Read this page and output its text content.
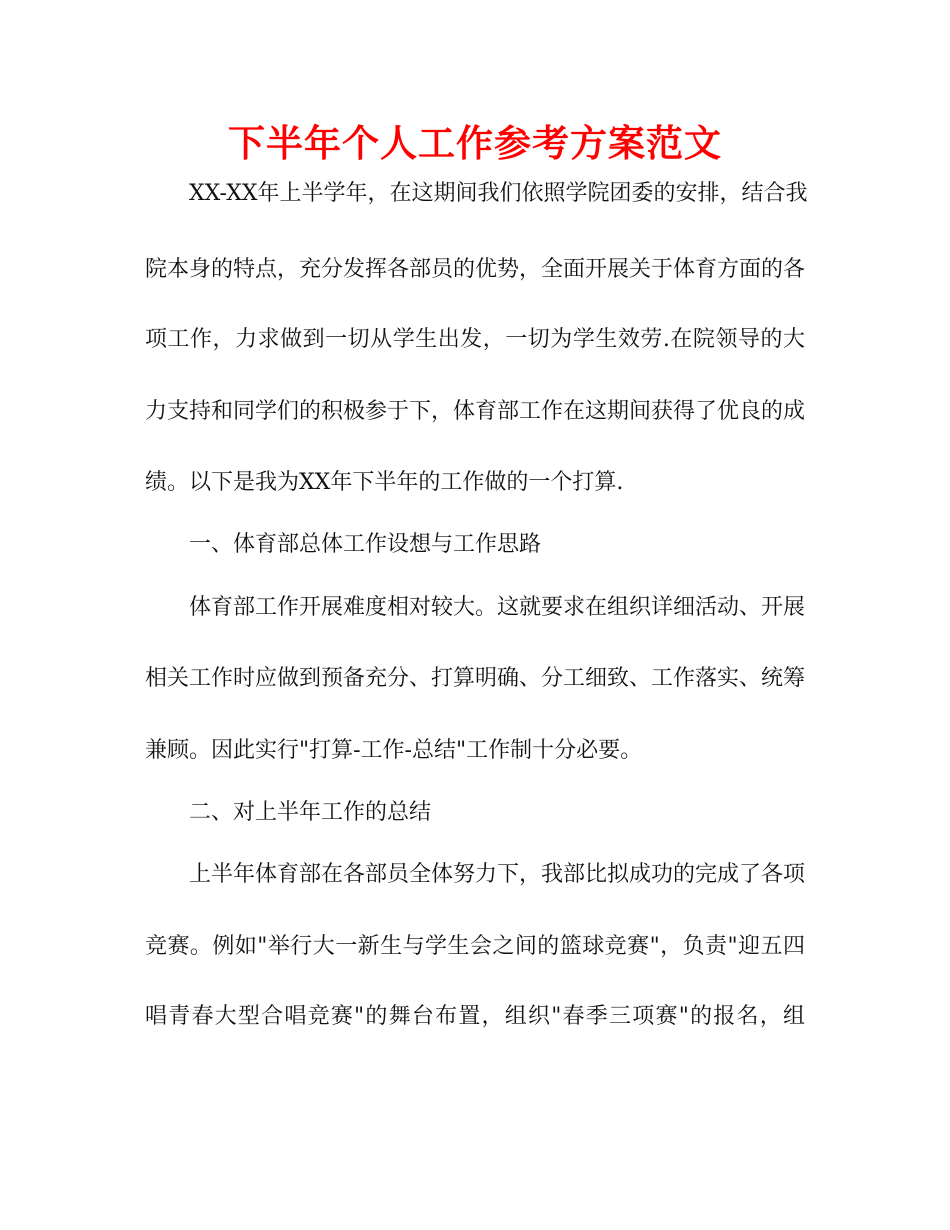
下半年个人工作参考方案范文
XX-XX年上半学年，在这期间我们依照学院团委的安排，结合我
院本身的特点，充分发挥各部员的优势，全面开展关于体育方面的各
项工作，力求做到一切从学生出发，一切为学生效劳.在院领导的大
力支持和同学们的积极参于下，体育部工作在这期间获得了优良的成
绩。以下是我为XX年下半年的工作做的一个打算.
一、体育部总体工作设想与工作思路
体育部工作开展难度相对较大。这就要求在组织详细活动、开展
相关工作时应做到预备充分、打算明确、分工细致、工作落实、统筹
兼顾。因此实行"打算-工作-总结"工作制十分必要。
二、对上半年工作的总结
上半年体育部在各部员全体努力下，我部比拟成功的完成了各项
竞赛。例如"举行大一新生与学生会之间的篮球竞赛"，负责"迎五四
唱青春大型合唱竞赛"的舞台布置，组织"春季三项赛"的报名，组
